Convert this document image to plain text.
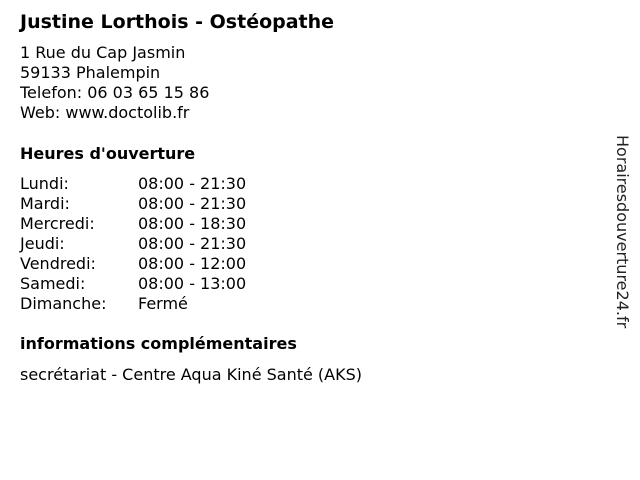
Justine Lorthois - Ostéopathe
1 Rue du Cap Jasmin
59133 Phalempin
Telefon: 06 03 65 15 86
Web: www.doctolib.fr
Heures d'ouverture
Lundi:	08:00 - 21:30
Mardi:	08:00 - 21:30
Mercredi:	08:00 - 18:30
Jeudi:	08:00 - 21:30
Vendredi:	08:00 - 12:00
Samedi:	08:00 - 13:00
Dimanche: Fermé
informations complémentaires
secrétariat - Centre Aqua Kiné Santé (AKS)
Horairesdouverture24.fr
